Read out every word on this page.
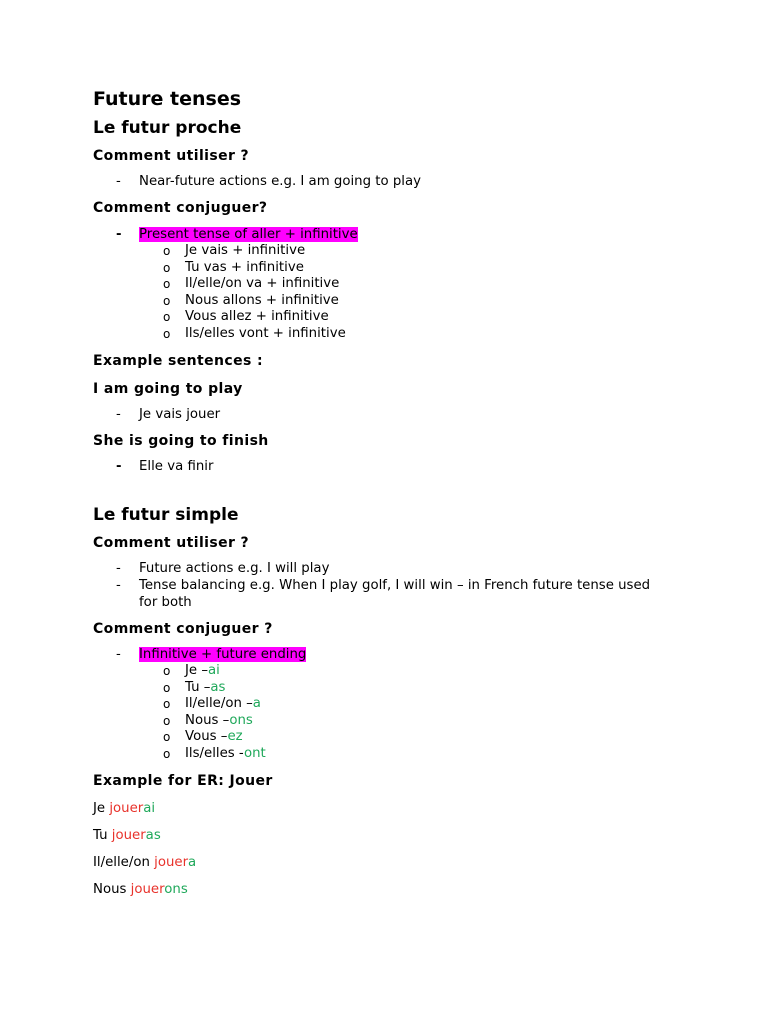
Future tenses
Le futur proche
Comment utiliser ?
- Near-future actions e.g. I am going to play
Comment conjuguer?
- Present tense of aller + infinitive
o Je vais + infinitive
o Tu vas + infinitive
o Il/elle/on va + infinitive
o Nous allons + infinitive
o Vous allez + infinitive
o Ils/elles vont + infinitive
Example sentences :
I am going to play
- Je vais jouer
She is going to finish
- Elle va finir
Le futur simple
Comment utiliser ?
- Future actions e.g. I will play
- Tense balancing e.g. When I play golf, I will win – in French future tense used for both
Comment conjuguer ?
- Infinitive + future ending
o Je –ai
o Tu –as
o Il/elle/on –a
o Nous –ons
o Vous –ez
o Ils/elles -ont
Example for ER: Jouer
Je jouerai
Tu joueras
Il/elle/on jouera
Nous jouerons
